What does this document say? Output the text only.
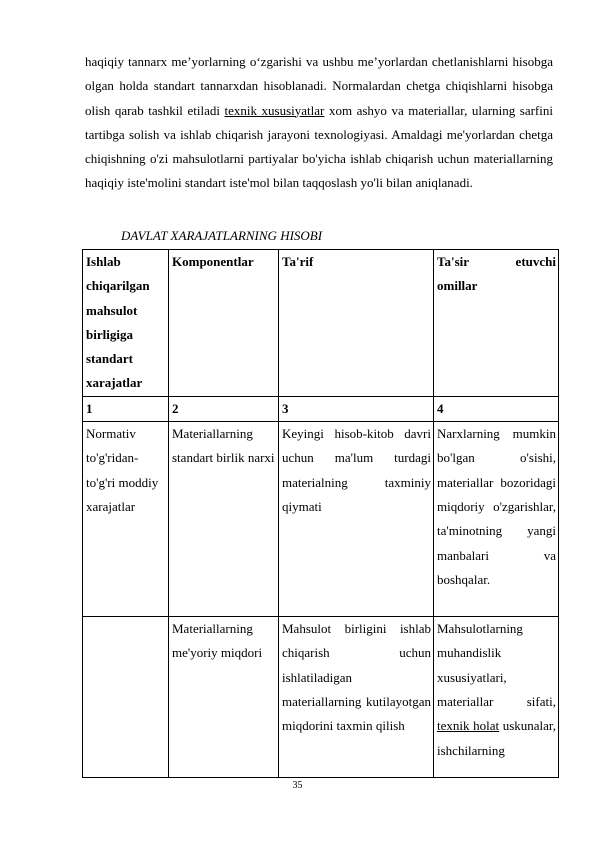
haqiqiy tannarx me’yorlarning o‘zgarishi va ushbu me’yorlardan chetlanishlarni hisobga olgan holda standart tannarxdan hisoblanadi. Normalardan chetga chiqishlarni hisobga olish qarab tashkil etiladi texnik xususiyatlar xom ashyo va materiallar, ularning sarfini tartibga solish va ishlab chiqarish jarayoni texnologiyasi. Amaldagi me'yorlardan chetga chiqishning o'zi mahsulotlarni partiyalar bo'yicha ishlab chiqarish uchun materiallarning haqiqiy iste'molini standart iste'mol bilan taqqoslash yo'li bilan aniqlanadi.

DAVLAT XARAJATLARNING HISOBI

Ishlab chiqarilgan mahsulot birligiga standart xarajatlar	Komponentlar	Ta'rif	Ta'sir etuvchi omillar
1	2	3	4
Normativ to'g'ridan-to'g'ri moddiy xarajatlar	Materiallarning standart birlik narxi	Keyingi hisob-kitob davri uchun ma'lum turdagi materialning taxminiy qiymati	Narxlarning mumkin bo'lgan o'sishi, materiallar bozoridagi miqdoriy o'zgarishlar, ta'minotning yangi manbalari va boshqalar.
	Materiallarning me'yoriy miqdori	Mahsulot birligini ishlab chiqarish uchun ishlatiladigan materiallarning kutilayotgan miqdorini taxmin qilish	Mahsulotlarning muhandislik xususiyatlari, materiallar sifati, texnik holat uskunalar, ishchilarning
35
